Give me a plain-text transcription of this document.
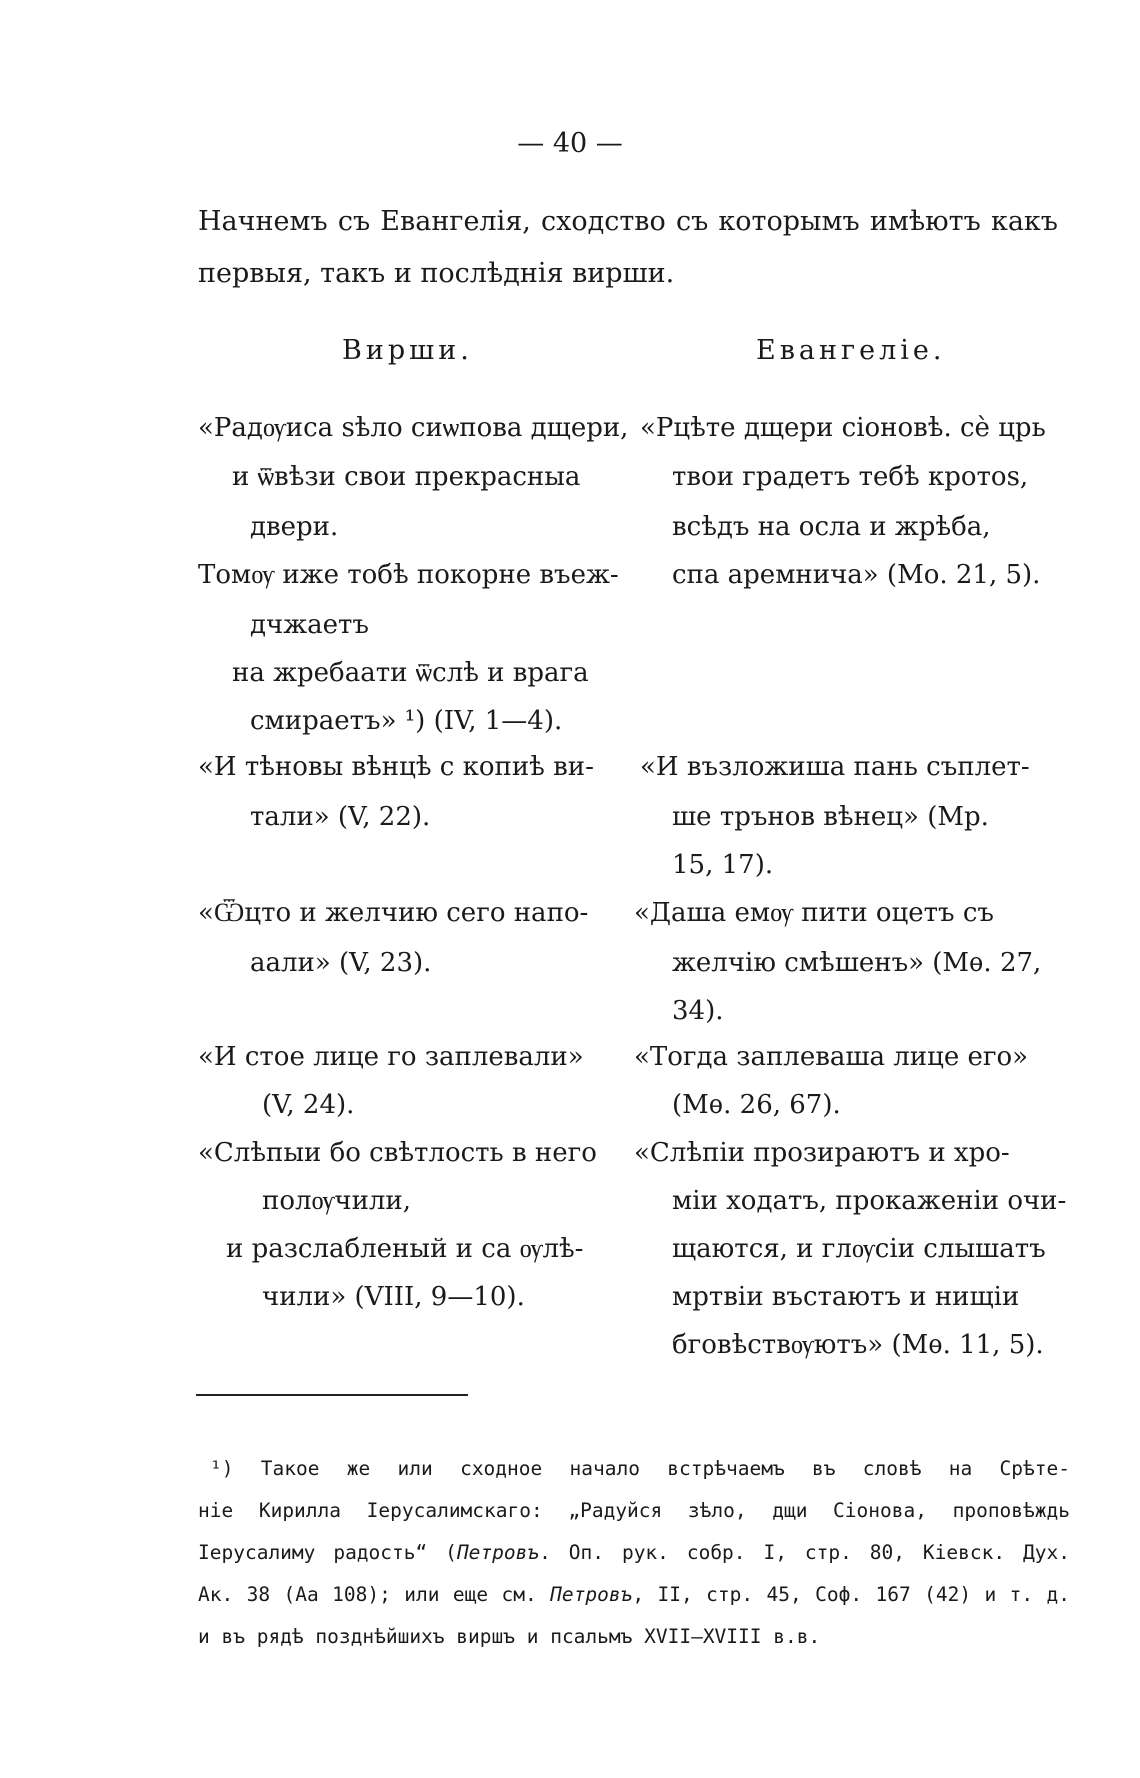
— 40 —
Начнемъ съ Евангелія, сходство съ которымъ имѣютъ какъ
первыя, такъ и послѣднія вирши.
Вирши.	Евангеліе.
«Радѹиса ѕѣло сиѡпова дщери,
и ѿвѣзи свои прекрасныа
двери.
Томѹ иже тобѣ покорне въеж-
дчжаетъ
на жребаати ѿслѣ и врага
смираетъ» ¹) (IV, 1—4).
«И тѣновы вѣнцѣ с копиѣ ви-
тали» (V, 22).
«Ѿцто и желчию сего напо-
аали» (V, 23).
«И стое лице го заплевали»
(V, 24).
«Слѣпыи бо свѣтлость в него
полѹчили,
и разслабленый и са ѹлѣ-
чили» (VIII, 9—10).
«Рцѣте дщери сіоновѣ. сѐ црь
твои градетъ тебѣ кротоѕ,
всѣдъ на осла и жрѣба,
спа аремнича» (Мо. 21, 5).
«И възложиша пань съплет-
ше трънов вѣнец» (Мр.
15, 17).
«Даша емѹ пити оцетъ съ
желчію смѣшенъ» (Мѳ. 27,
34).
«Тогда заплеваша лице его»
(Мѳ. 26, 67).
«Слѣпіи прозираютъ и хро-
міи ходатъ, прокаженіи очи-
щаются, и глѹсіи слышатъ
мртвіи въстаютъ и нищіи
бговѣствѹютъ» (Мѳ. 11, 5).
¹) Такое же или сходное начало встрѣчаемъ въ словѣ на Срѣте-
ніе Кирилла Іерусалимскаго: „Радуйся зѣло, дщи Сіонова, проповѣждь
Іерусалиму радость“ (Петровъ. Оп. рук. собр. I, стр. 80, Кіевск. Дух.
Ак. 38 (Аа 108); или еще см. Петровъ, II, стр. 45, Соф. 167 (42) и т. д.
и въ рядѣ позднѣйшихъ виршъ и псальмъ XVII—XVIII в.в.
